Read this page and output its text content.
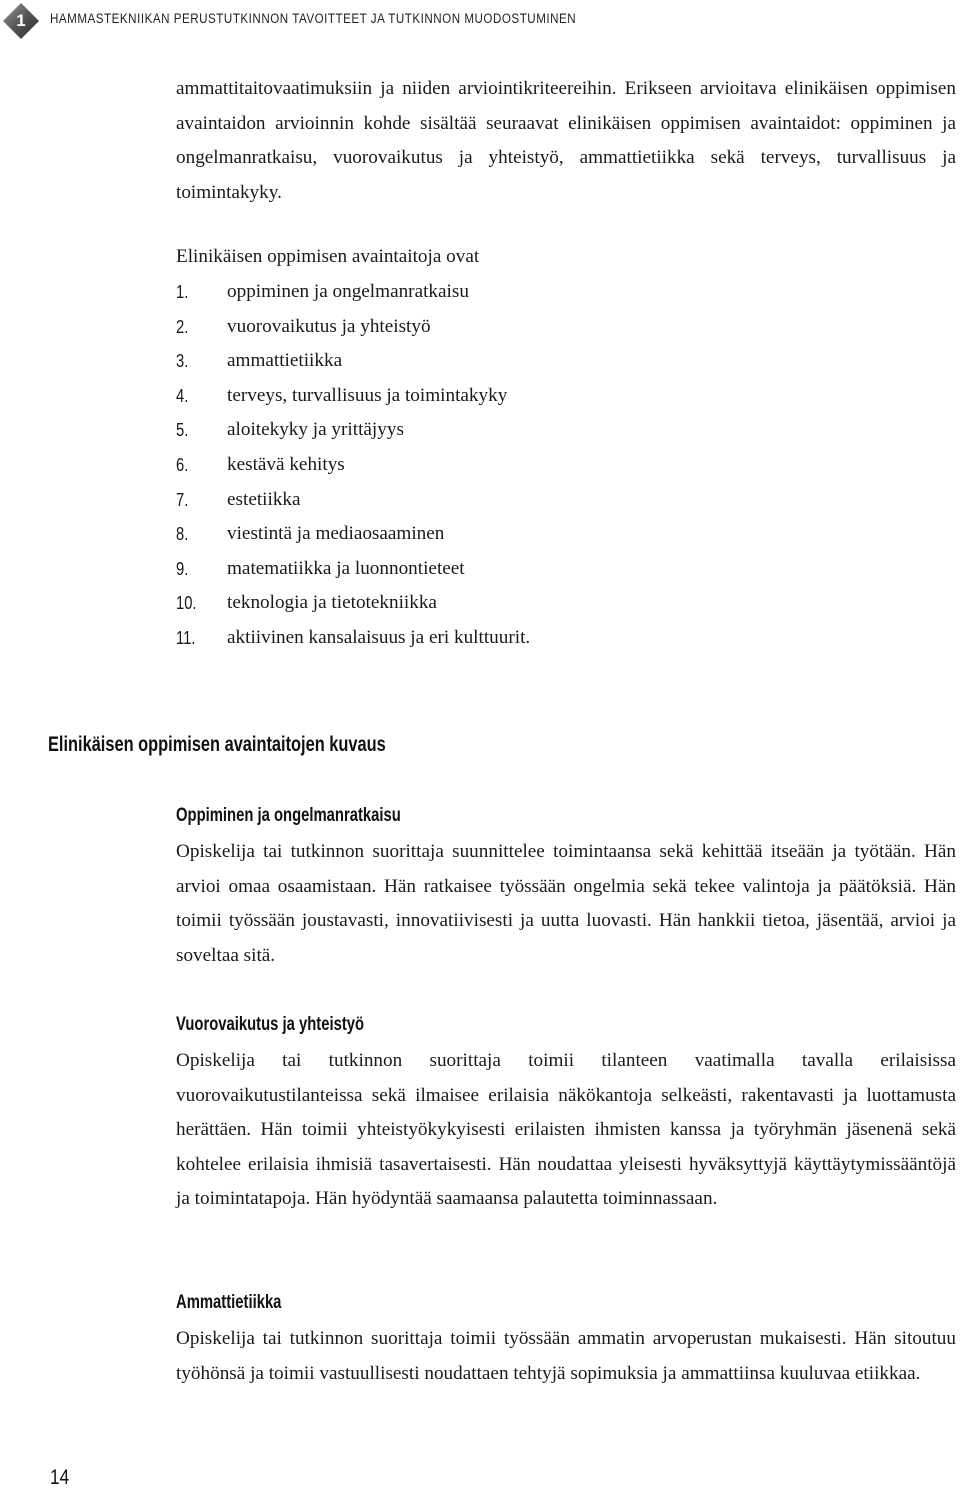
1	HAMMASTEKNIIKAN PERUSTUTKINNON TAVOITTEET JA TUTKINNON MUODOSTUMINEN

ammattitaitovaatimuksiin ja niiden arviointikriteereihin. Erikseen arvioitava elinikäisen oppimisen avaintaidon arvioinnin kohde sisältää seuraavat elinikäisen oppimisen avaintaidot: oppiminen ja ongelmanratkaisu, vuorovaikutus ja yhteistyö, ammattietiikka sekä terveys, turvallisuus ja toimintakyky.

Elinikäisen oppimisen avaintaitoja ovat

1.	oppiminen ja ongelmanratkaisu
2.	vuorovaikutus ja yhteistyö
3.	ammattietiikka
4.	terveys, turvallisuus ja toimintakyky
5.	aloitekyky ja yrittäjyys
6.	kestävä kehitys
7.	estetiikka
8.	viestintä ja mediaosaaminen
9.	matematiikka ja luonnontieteet
10.	teknologia ja tietotekniikka
11.	aktiivinen kansalaisuus ja eri kulttuurit.
Elinikäisen oppimisen avaintaitojen kuvaus
Oppiminen ja ongelmanratkaisu

Opiskelija tai tutkinnon suorittaja suunnittelee toimintaansa sekä kehittää itseään ja työtään. Hän arvioi omaa osaamistaan. Hän ratkaisee työssään ongelmia sekä tekee valintoja ja päätöksiä. Hän toimii työssään joustavasti, innovatiivisesti ja uutta luovasti. Hän hankkii tietoa, jäsentää, arvioi ja soveltaa sitä.

Vuorovaikutus ja yhteistyö

Opiskelija tai tutkinnon suorittaja toimii tilanteen vaatimalla tavalla erilaisissa vuorovaikutustilanteissa sekä ilmaisee erilaisia näkökantoja selkeästi, rakentavasti ja luottamusta herättäen. Hän toimii yhteistyökykyisesti erilaisten ihmisten kanssa ja työryhmän jäsenenä sekä kohtelee erilaisia ihmisiä tasavertaisesti. Hän noudattaa yleisesti hyväksyttyjä käyttäytymissääntöjä ja toimintatapoja. Hän hyödyntää saamaansa palautetta toiminnassaan.

Ammattietiikka

Opiskelija tai tutkinnon suorittaja toimii työssään ammatin arvoperustan mukaisesti. Hän sitoutuu työhönsä ja toimii vastuullisesti noudattaen tehtyjä sopimuksia ja ammattiinsa kuuluvaa etiikkaa.

14
